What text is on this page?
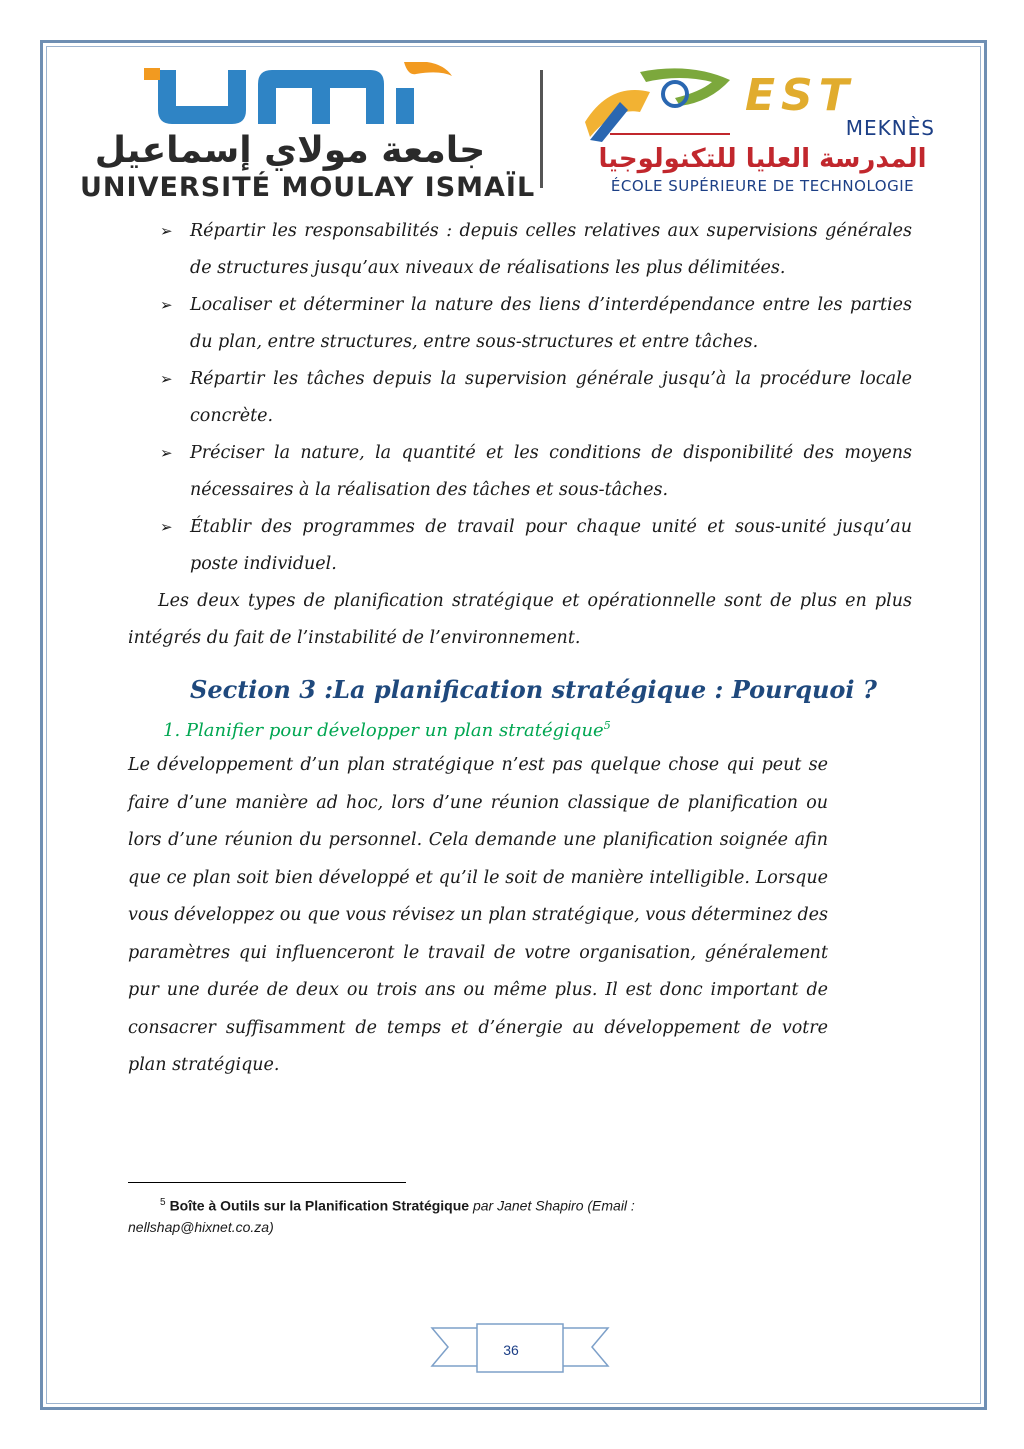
جامعة مولاي إسماعيل
UNIVERSITÉ MOULAY ISMAÏL
EST
MEKNÈS
المدرسة العليا للتكنولوجيا
ÉCOLE SUPÉRIEURE DE TECHNOLOGIE
➢ Répartir les responsabilités : depuis celles relatives aux supervisions générales de structures jusqu’aux niveaux de réalisations les plus délimitées.
➢ Localiser et déterminer la nature des liens d’interdépendance entre les parties du plan, entre structures, entre sous-structures et entre tâches.
➢ Répartir les tâches depuis la supervision générale jusqu’à la procédure locale concrète.
➢ Préciser la nature, la quantité et les conditions de disponibilité des moyens nécessaires à la réalisation des tâches et sous-tâches.
➢ Établir des programmes de travail pour chaque unité et sous-unité jusqu’au poste individuel.

Les deux types de planification stratégique et opérationnelle sont de plus en plus intégrés du fait de l’instabilité de l’environnement.

Section 3 :La planification stratégique : Pourquoi ?
1. Planifier pour développer un plan stratégique$^5$

Le développement d’un plan stratégique n’est pas quelque chose qui peut se faire d’une manière ad hoc, lors d’une réunion classique de planification ou lors d’une réunion du personnel. Cela demande une planification soignée afin que ce plan soit bien développé et qu’il le soit de manière intelligible. Lorsque vous développez ou que vous révisez un plan stratégique, vous déterminez des paramètres qui influenceront le travail de votre organisation, généralement pur une durée de deux ou trois ans ou même plus. Il est donc important de consacrer suffisamment de temps et d’énergie au développement de votre plan stratégique.

$^5$ Boîte à Outils sur la Planification Stratégique par Janet Shapiro (Email : nellshap@hixnet.co.za)
36
